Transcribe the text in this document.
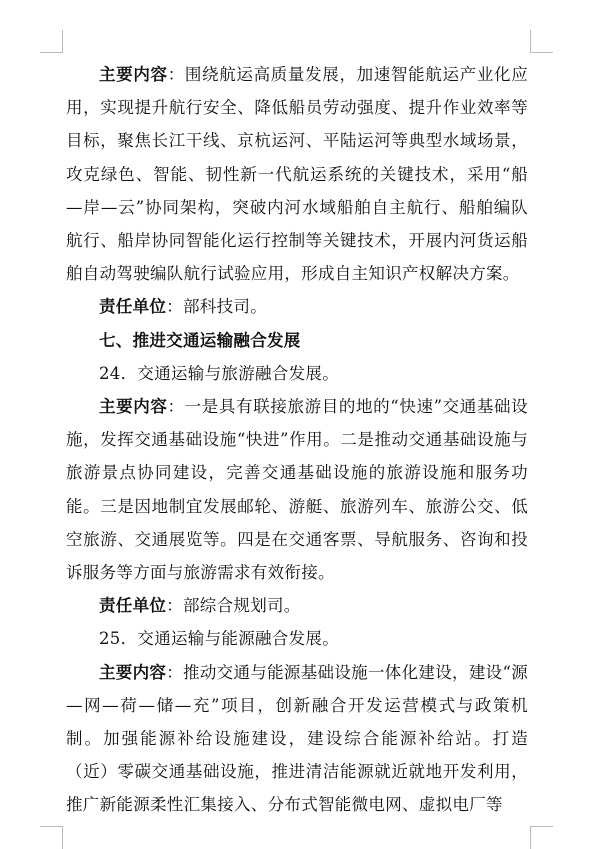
主要内容：围绕航运高质量发展，加速智能航运产业化应用，实现提升航行安全、降低船员劳动强度、提升作业效率等目标，聚焦长江干线、京杭运河、平陆运河等典型水域场景，攻克绿色、智能、韧性新一代航运系统的关键技术，采用“船—岸—云”协同架构，突破内河水域船舶自主航行、船舶编队航行、船岸协同智能化运行控制等关键技术，开展内河货运船舶自动驾驶编队航行试验应用，形成自主知识产权解决方案。

责任单位：部科技司。

七、推进交通运输融合发展

24．交通运输与旅游融合发展。

主要内容：一是具有联接旅游目的地的“快速”交通基础设施，发挥交通基础设施“快进”作用。二是推动交通基础设施与旅游景点协同建设，完善交通基础设施的旅游设施和服务功能。三是因地制宜发展邮轮、游艇、旅游列车、旅游公交、低空旅游、交通展览等。四是在交通客票、导航服务、咨询和投诉服务等方面与旅游需求有效衔接。

责任单位：部综合规划司。

25．交通运输与能源融合发展。

主要内容：推动交通与能源基础设施一体化建设，建设“源—网—荷—储—充”项目，创新融合开发运营模式与政策机制。加强能源补给设施建设，建设综合能源补给站。打造（近）零碳交通基础设施，推进清洁能源就近就地开发利用，推广新能源柔性汇集接入、分布式智能微电网、虚拟电厂等
